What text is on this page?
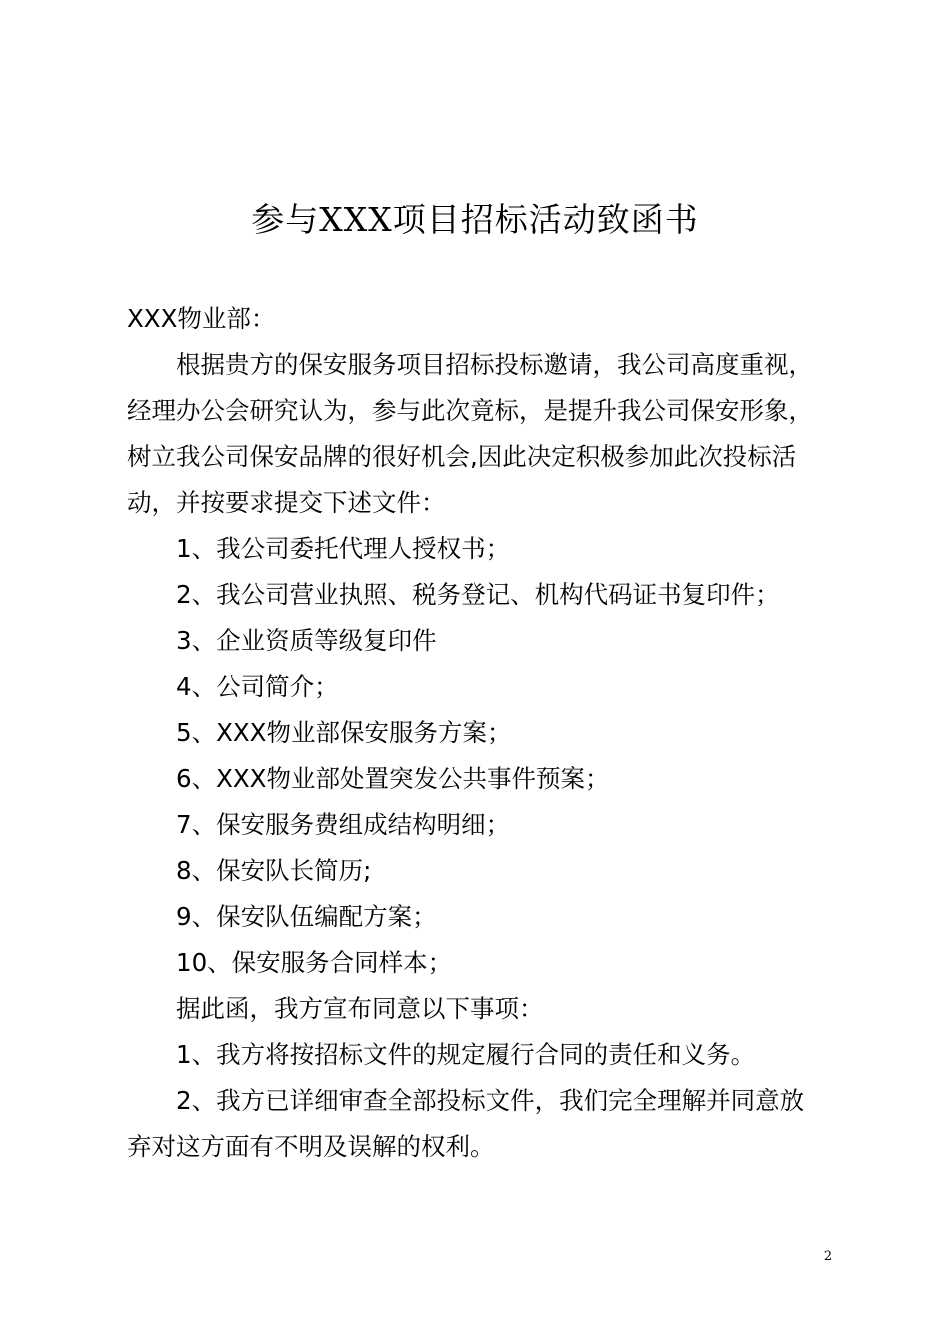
参与XXX项目招标活动致函书
XXX物业部：
根据贵方的保安服务项目招标投标邀请，我公司高度重视，
经理办公会研究认为，参与此次竟标，是提升我公司保安形象，
树立我公司保安品牌的很好机会,因此决定积极参加此次投标活
动，并按要求提交下述文件：
1、我公司委托代理人授权书；
2、我公司营业执照、税务登记、机构代码证书复印件；
3、企业资质等级复印件
4、公司简介；
5、XXX物业部保安服务方案；
6、XXX物业部处置突发公共事件预案；
7、保安服务费组成结构明细；
8、保安队长简历;
9、保安队伍编配方案；
10、保安服务合同样本；
据此函，我方宣布同意以下事项：
1、我方将按招标文件的规定履行合同的责任和义务。
2、我方已详细审查全部投标文件，我们完全理解并同意放
弃对这方面有不明及误解的权利。
2
